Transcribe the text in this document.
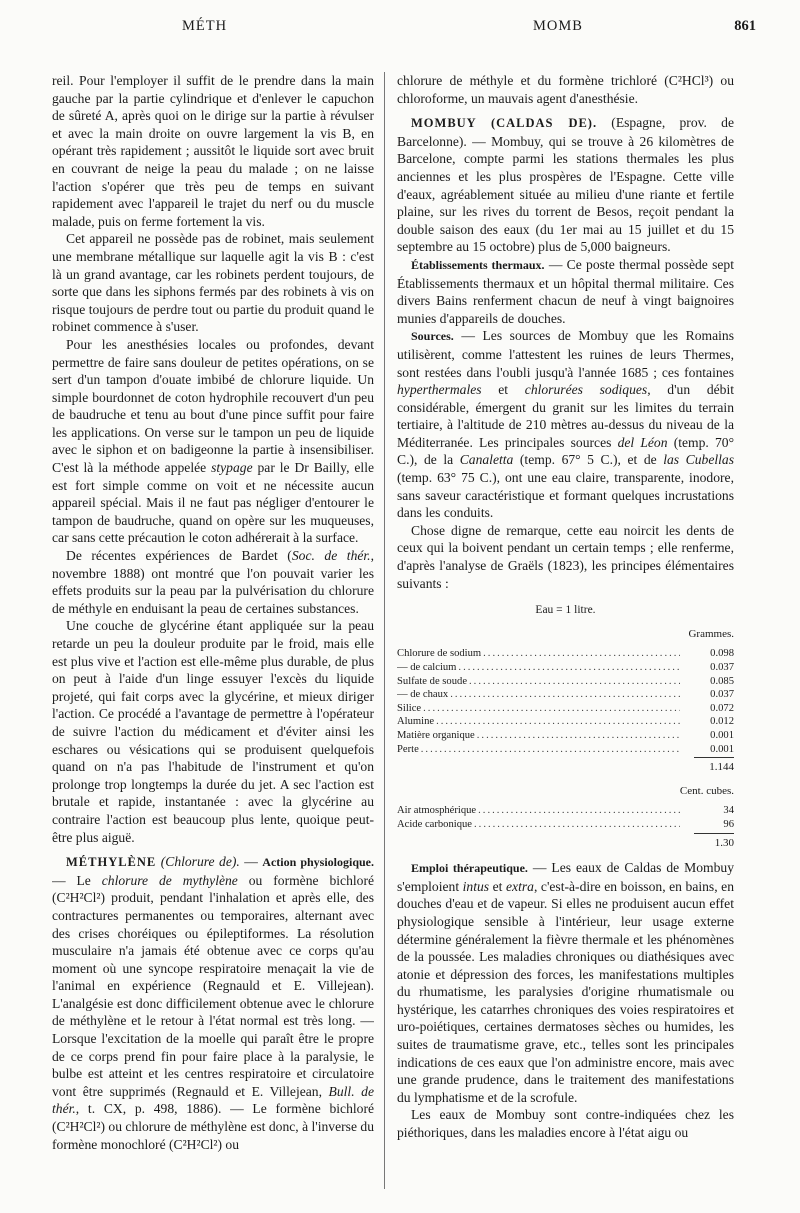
MÉTH	MOMB	861

reil. Pour l'employer il suffit de le prendre dans la main gauche par la partie cylindrique et d'enlever le capuchon de sûreté A, après quoi on le dirige sur la partie à révulser et avec la main droite on ouvre largement la vis B, en opérant très rapidement ; aussitôt le liquide sort avec bruit en couvrant de neige la peau du malade ; on ne laisse l'action s'opérer que très peu de temps en suivant rapidement avec l'appareil le trajet du nerf ou du muscle malade, puis on ferme fortement la vis.

Cet appareil ne possède pas de robinet, mais seulement une membrane métallique sur laquelle agit la vis B : c'est là un grand avantage, car les robinets perdent toujours, de sorte que dans les siphons fermés par des robinets à vis on risque toujours de perdre tout ou partie du produit quand le robinet commence à s'user.

Pour les anesthésies locales ou profondes, devant permettre de faire sans douleur de petites opérations, on se sert d'un tampon d'ouate imbibé de chlorure liquide. Un simple bourdonnet de coton hydrophile recouvert d'un peu de baudruche et tenu au bout d'une pince suffit pour faire les applications. On verse sur le tampon un peu de liquide avec le siphon et on badigeonne la partie à insensibiliser. C'est là la méthode appelée stypage par le Dr Bailly, elle est fort simple comme on voit et ne nécessite aucun appareil spécial. Mais il ne faut pas négliger d'entourer le tampon de baudruche, quand on opère sur les muqueuses, car sans cette précaution le coton adhérerait à la surface.

De récentes expériences de Bardet (Soc. de thér., novembre 1888) ont montré que l'on pouvait varier les effets produits sur la peau par la pulvérisation du chlorure de méthyle en enduisant la peau de certaines substances.

Une couche de glycérine étant appliquée sur la peau retarde un peu la douleur produite par le froid, mais elle est plus vive et l'action est elle-même plus durable, de plus on peut à l'aide d'un linge essuyer l'excès du liquide projeté, qui fait corps avec la glycérine, et mieux diriger l'action. Ce procédé a l'avantage de permettre à l'opérateur de suivre l'action du médicament et d'éviter ainsi les eschares ou vésications qui se produisent quelquefois quand on n'a pas l'habitude de l'instrument et qu'on prolonge trop longtemps la durée du jet. A sec l'action est brutale et rapide, instantanée : avec la glycérine au contraire l'action est beaucoup plus lente, quoique peut-être plus aiguë.

MÉTHYLÈNE (Chlorure de). — Action physiologique. — Le chlorure de mythylène ou formène bichloré (C²H²Cl²) produit, pendant l'inhalation et après elle, des contractures permanentes ou temporaires, alternant avec des crises choréiques ou épileptiformes. La résolution musculaire n'a jamais été obtenue avec ce corps qu'au moment où une syncope respiratoire menaçait la vie de l'animal en expérience (Regnauld et E. Villejean). L'analgésie est donc difficilement obtenue avec le chlorure de méthylène et le retour à l'état normal est très long. — Lorsque l'excitation de la moelle qui paraît être le propre de ce corps prend fin pour faire place à la paralysie, le bulbe est atteint et les centres respiratoire et circulatoire vont être supprimés (Regnauld et E. Villejean, Bull. de thér., t. CX, p. 498, 1886). — Le formène bichloré (C²H²Cl²) ou chlorure de méthylène est donc, à l'inverse du formène monochloré (C²H²Cl²) ou

chlorure de méthyle et du formène trichloré (C²HCl³) ou chloroforme, un mauvais agent d'anesthésie.

MOMBUY (CALDAS DE). (Espagne, prov. de Barcelonne). — Mombuy, qui se trouve à 26 kilomètres de Barcelone, compte parmi les stations thermales les plus anciennes et les plus prospères de l'Espagne. Cette ville d'eaux, agréablement située au milieu d'une riante et fertile plaine, sur les rives du torrent de Besos, reçoit pendant la double saison des eaux (du 1er mai au 15 juillet et du 15 septembre au 15 octobre) plus de 5,000 baigneurs.

Établissements thermaux. — Ce poste thermal possède sept Établissements thermaux et un hôpital thermal militaire. Ces divers Bains renferment chacun de neuf à vingt baignoires munies d'appareils de douches.

Sources. — Les sources de Mombuy que les Romains utilisèrent, comme l'attestent les ruines de leurs Thermes, sont restées dans l'oubli jusqu'à l'année 1685 ; ces fontaines hyperthermales et chlorurées sodiques, d'un débit considérable, émergent du granit sur les limites du terrain tertiaire, à l'altitude de 210 mètres au-dessus du niveau de la Méditerranée. Les principales sources del Léon (temp. 70° C.), de la Canaletta (temp. 67° 5 C.), et de las Cubellas (temp. 63° 75 C.), ont une eau claire, transparente, inodore, sans saveur caractéristique et formant quelques incrustations dans les conduits.

Chose digne de remarque, cette eau noircit les dents de ceux qui la boivent pendant un certain temps ; elle renferme, d'après l'analyse de Graëls (1823), les principes élémentaires suivants :

Eau = 1 litre.
Grammes.
Chlorure de sodium .....	0.098
— de calcium .....	0.037
Sulfate de soude .....	0.085
— de chaux .....	0.037
Silice .....	0.072
Alumine .....	0.012
Matière organique .....	0.001
Perte .....	0.001
1.144
Cent. cubes.
Air atmosphérique .....	34
Acide carbonique .....	96
1.30

Emploi thérapeutique. — Les eaux de Caldas de Mombuy s'emploient intus et extra, c'est-à-dire en boisson, en bains, en douches d'eau et de vapeur. Si elles ne produisent aucun effet physiologique sensible à l'intérieur, leur usage externe détermine généralement la fièvre thermale et les phénomènes de la poussée. Les maladies chroniques ou diathésiques avec atonie et dépression des forces, les manifestations multiples du rhumatisme, les paralysies d'origine rhumatismale ou hystérique, les catarrhes chroniques des voies respiratoires et uro-poiétiques, certaines dermatoses sèches ou humides, les suites de traumatisme grave, etc., telles sont les principales indications de ces eaux que l'on administre encore, mais avec une grande prudence, dans le traitement des manifestations du lymphatisme et de la scrofule.

Les eaux de Mombuy sont contre-indiquées chez les piéthoriques, dans les maladies encore à l'état aigu ou
